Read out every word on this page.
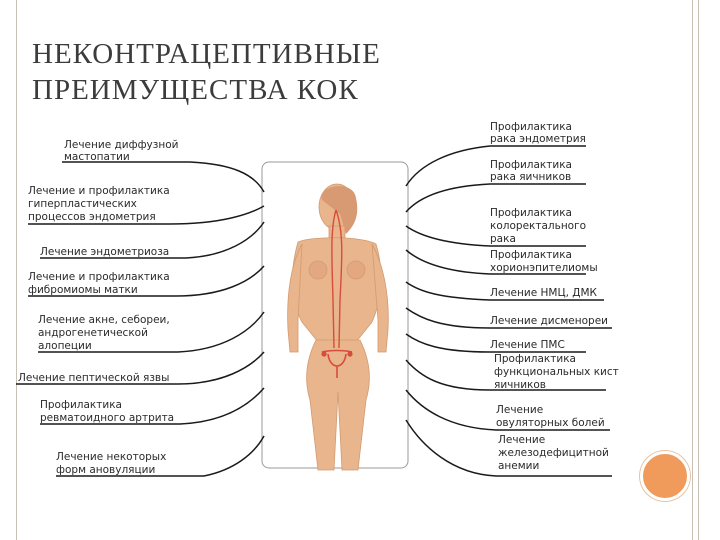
НЕКОНТРАЦЕПТИВНЫЕ
ПРЕИМУЩЕСТВА КОК
Лечение диффузной мастопатии
Лечение и профилактика гиперпластических процессов эндометрия
Лечение эндометриоза
Лечение и профилактика фибромиомы матки
Лечение акне, себореи, андрогенетической алопеции
Лечение пептической язвы
Профилактика ревматоидного артрита
Лечение некоторых форм ановуляции
Профилактика рака эндометрия
Профилактика рака яичников
Профилактика колоректального рака
Профилактика хорионэпителиомы
Лечение НМЦ, ДМК
Лечение дисменореи
Лечение ПМС
Профилактика функциональных кист яичников
Лечение овуляторных болей
Лечение железодефицитной анемии
